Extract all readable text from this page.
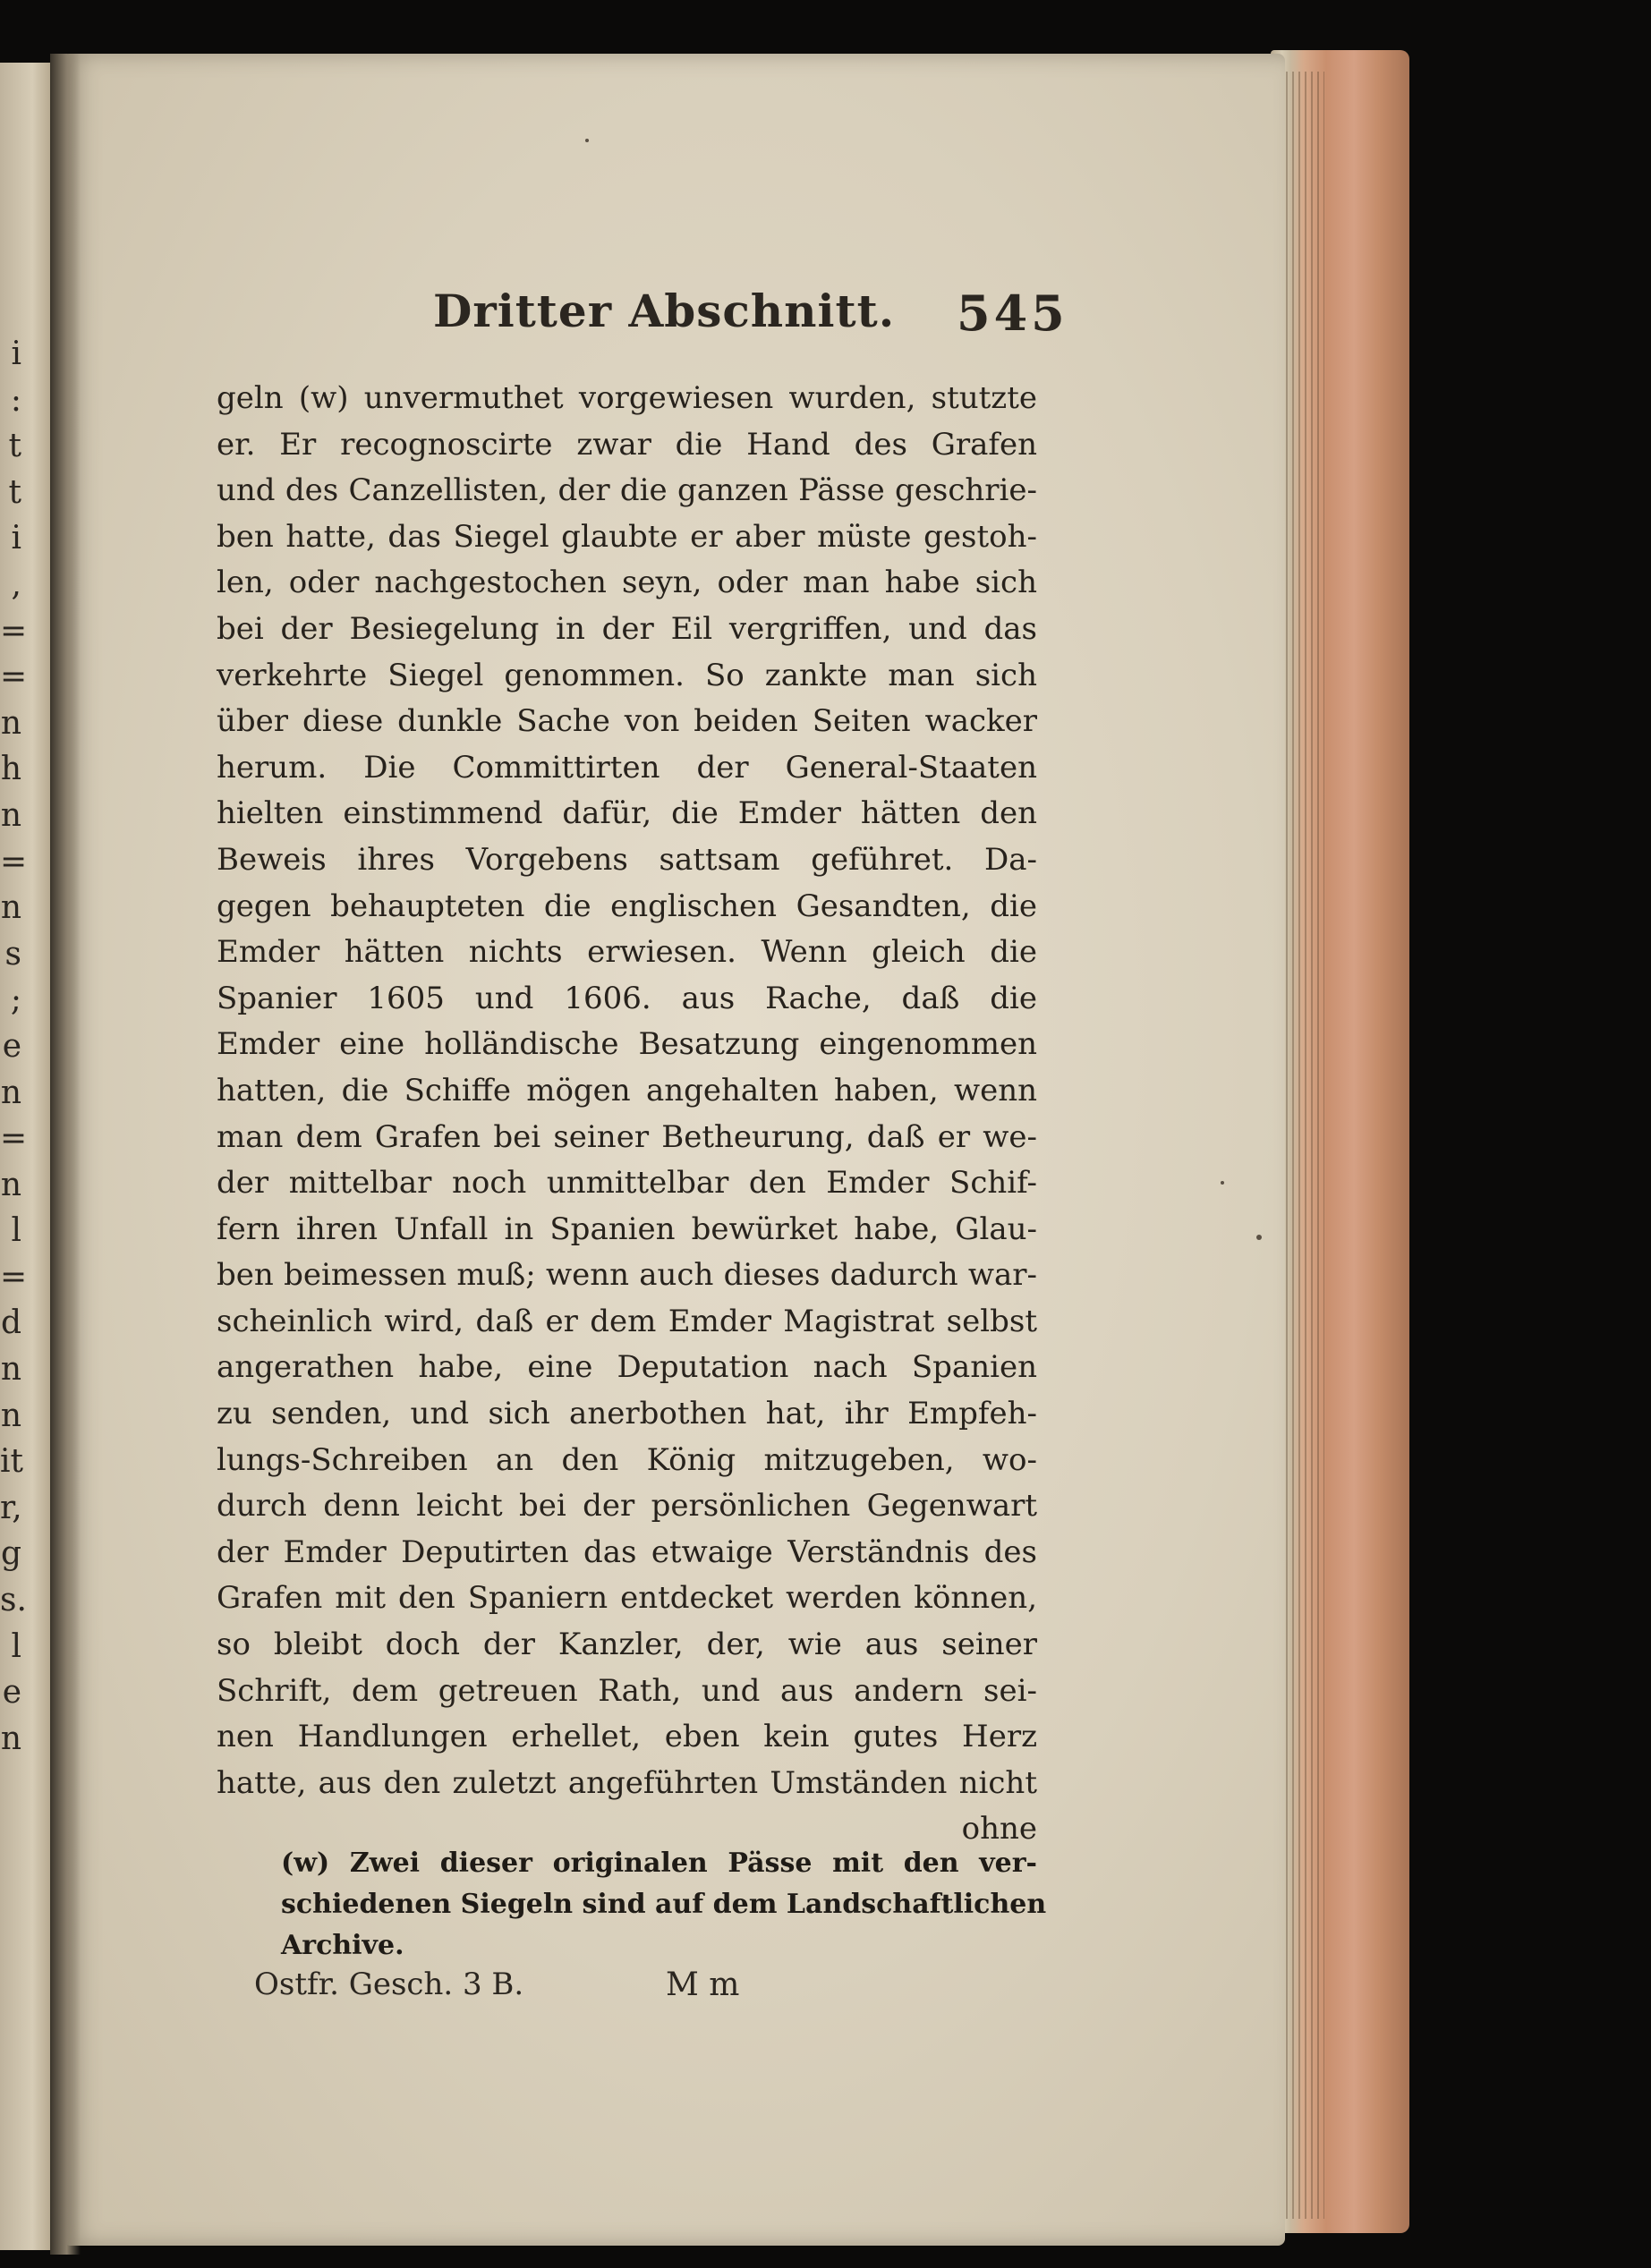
i
:
t
t
i
,
=
=
n
h
n
=
n
s
;
e
n
=
n
l
=
d
n
n
it
r,
g
s.
l
e
n
Dritter Abschnitt. 545
geln (w) unvermuthet vorgewiesen wurden, stutzte
er. Er recognoscirte zwar die Hand des Grafen
und des Canzellisten, der die ganzen Pässe geschrie-
ben hatte, das Siegel glaubte er aber müste gestoh-
len, oder nachgestochen seyn, oder man habe sich
bei der Besiegelung in der Eil vergriffen, und das
verkehrte Siegel genommen. So zankte man sich
über diese dunkle Sache von beiden Seiten wacker
herum. Die Committirten der General-Staaten
hielten einstimmend dafür, die Emder hätten den
Beweis ihres Vorgebens sattsam geführet. Da-
gegen behaupteten die englischen Gesandten, die
Emder hätten nichts erwiesen. Wenn gleich die
Spanier 1605 und 1606. aus Rache, daß die
Emder eine holländische Besatzung eingenommen
hatten, die Schiffe mögen angehalten haben, wenn
man dem Grafen bei seiner Betheurung, daß er we-
der mittelbar noch unmittelbar den Emder Schif-
fern ihren Unfall in Spanien bewürket habe, Glau-
ben beimessen muß; wenn auch dieses dadurch war-
scheinlich wird, daß er dem Emder Magistrat selbst
angerathen habe, eine Deputation nach Spanien
zu senden, und sich anerbothen hat, ihr Empfeh-
lungs-Schreiben an den König mitzugeben, wo-
durch denn leicht bei der persönlichen Gegenwart
der Emder Deputirten das etwaige Verständnis des
Grafen mit den Spaniern entdecket werden können,
so bleibt doch der Kanzler, der, wie aus seiner
Schrift, dem getreuen Rath, und aus andern sei-
nen Handlungen erhellet, eben kein gutes Herz
hatte, aus den zuletzt angeführten Umständen nicht
ohne
(w) Zwei dieser originalen Pässe mit den ver-
schiedenen Siegeln sind auf dem Landschaftlichen
Archive.
Ostfr. Gesch. 3 B.	M m
